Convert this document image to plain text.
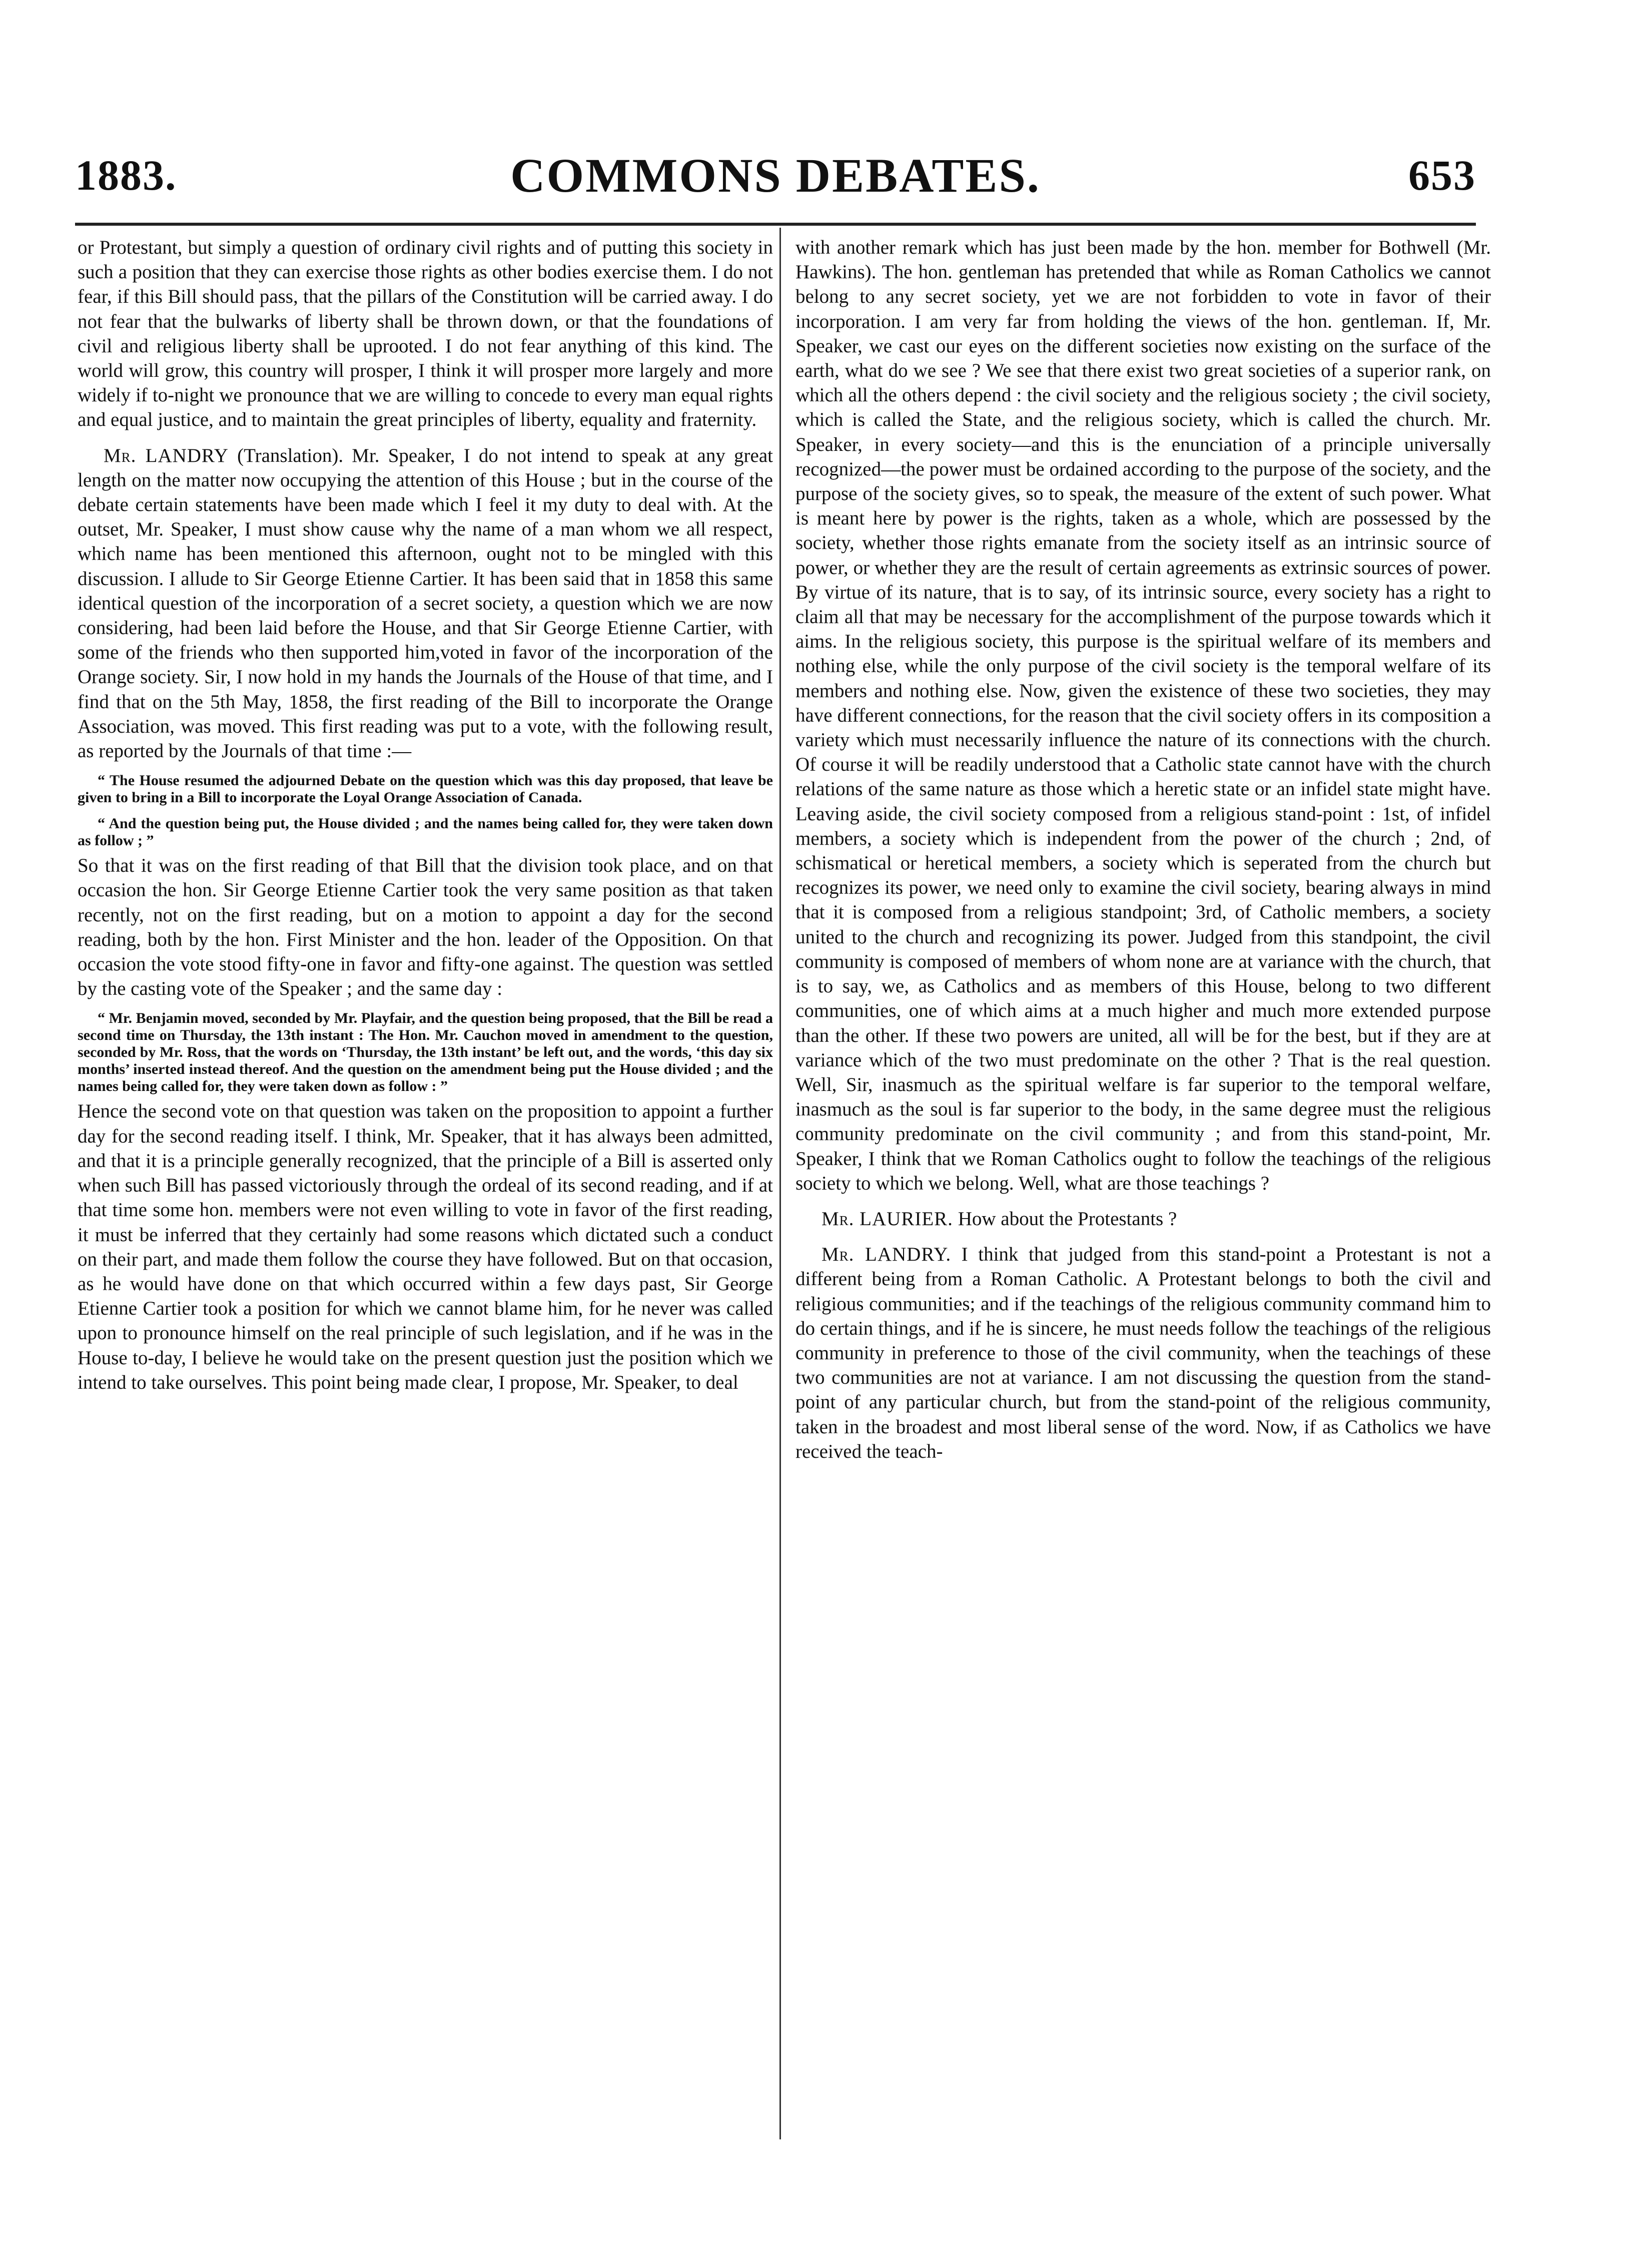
1883.	COMMONS DEBATES.	653

or Protestant, but simply a question of ordinary civil rights and of putting this society in such a position that they can exercise those rights as other bodies exercise them. I do not fear, if this Bill should pass, that the pillars of the Constitution will be carried away. I do not fear that the bulwarks of liberty shall be thrown down, or that the foundations of civil and religious liberty shall be uprooted. I do not fear anything of this kind. The world will grow, this country will prosper, I think it will prosper more largely and more widely if to-night we pronounce that we are willing to concede to every man equal rights and equal justice, and to maintain the great principles of liberty, equality and fraternity.

Mr. LANDRY (Translation). Mr. Speaker, I do not intend to speak at any great length on the matter now occupying the attention of this House ; but in the course of the debate certain statements have been made which I feel it my duty to deal with. At the outset, Mr. Speaker, I must show cause why the name of a man whom we all respect, which name has been mentioned this afternoon, ought not to be mingled with this discussion. I allude to Sir George Etienne Cartier. It has been said that in 1858 this same identical question of the incorporation of a secret society, a question which we are now considering, had been laid before the House, and that Sir George Etienne Cartier, with some of the friends who then supported him,voted in favor of the incorporation of the Orange society. Sir, I now hold in my hands the Journals of the House of that time, and I find that on the 5th May, 1858, the first reading of the Bill to incorporate the Orange Association, was moved. This first reading was put to a vote, with the following result, as reported by the Journals of that time :—

“ The House resumed the adjourned Debate on the question which was this day proposed, that leave be given to bring in a Bill to incorporate the Loyal Orange Association of Canada.

“ And the question being put, the House divided ; and the names being called for, they were taken down as follow ; ”

So that it was on the first reading of that Bill that the division took place, and on that occasion the hon. Sir George Etienne Cartier took the very same position as that taken recently, not on the first reading, but on a motion to appoint a day for the second reading, both by the hon. First Minister and the hon. leader of the Opposition. On that occasion the vote stood fifty-one in favor and fifty-one against. The question was settled by the casting vote of the Speaker ; and the same day :

“ Mr. Benjamin moved, seconded by Mr. Playfair, and the question being proposed, that the Bill be read a second time on Thursday, the 13th instant : The Hon. Mr. Cauchon moved in amendment to the question, seconded by Mr. Ross, that the words on ‘Thursday, the 13th instant’ be left out, and the words, ‘this day six months’ inserted instead thereof. And the question on the amendment being put the House divided ; and the names being called for, they were taken down as follow : ”

Hence the second vote on that question was taken on the proposition to appoint a further day for the second reading itself. I think, Mr. Speaker, that it has always been admitted, and that it is a principle generally recognized, that the principle of a Bill is asserted only when such Bill has passed victoriously through the ordeal of its second reading, and if at that time some hon. members were not even willing to vote in favor of the first reading, it must be inferred that they certainly had some reasons which dictated such a conduct on their part, and made them follow the course they have followed. But on that occasion, as he would have done on that which occurred within a few days past, Sir George Etienne Cartier took a position for which we cannot blame him, for he never was called upon to pronounce himself on the real principle of such legislation, and if he was in the House to-day, I believe he would take on the present question just the position which we intend to take ourselves. This point being made clear, I propose, Mr. Speaker, to deal

with another remark which has just been made by the hon. member for Bothwell (Mr. Hawkins). The hon. gentleman has pretended that while as Roman Catholics we cannot belong to any secret society, yet we are not forbidden to vote in favor of their incorporation. I am very far from holding the views of the hon. gentleman. If, Mr. Speaker, we cast our eyes on the different societies now existing on the surface of the earth, what do we see ? We see that there exist two great societies of a superior rank, on which all the others depend : the civil society and the religious society ; the civil society, which is called the State, and the religious society, which is called the church. Mr. Speaker, in every society—and this is the enunciation of a principle universally recognized—the power must be ordained according to the purpose of the society, and the purpose of the society gives, so to speak, the measure of the extent of such power. What is meant here by power is the rights, taken as a whole, which are possessed by the society, whether those rights emanate from the society itself as an intrinsic source of power, or whether they are the result of certain agreements as extrinsic sources of power. By virtue of its nature, that is to say, of its intrinsic source, every society has a right to claim all that may be necessary for the accomplishment of the purpose towards which it aims. In the religious society, this purpose is the spiritual welfare of its members and nothing else, while the only purpose of the civil society is the temporal welfare of its members and nothing else. Now, given the existence of these two societies, they may have different connections, for the reason that the civil society offers in its composition a variety which must necessarily influence the nature of its connections with the church. Of course it will be readily understood that a Catholic state cannot have with the church relations of the same nature as those which a heretic state or an infidel state might have. Leaving aside, the civil society composed from a religious stand-point : 1st, of infidel members, a society which is independent from the power of the church ; 2nd, of schismatical or heretical members, a society which is seperated from the church but recognizes its power, we need only to examine the civil society, bearing always in mind that it is composed from a religious standpoint; 3rd, of Catholic members, a society united to the church and recognizing its power. Judged from this standpoint, the civil community is composed of members of whom none are at variance with the church, that is to say, we, as Catholics and as members of this House, belong to two different communities, one of which aims at a much higher and much more extended purpose than the other. If these two powers are united, all will be for the best, but if they are at variance which of the two must predominate on the other ? That is the real question. Well, Sir, inasmuch as the spiritual welfare is far superior to the temporal welfare, inasmuch as the soul is far superior to the body, in the same degree must the religious community predominate on the civil community ; and from this stand-point, Mr. Speaker, I think that we Roman Catholics ought to follow the teachings of the religious society to which we belong. Well, what are those teachings ?

Mr. LAURIER. How about the Protestants ?

Mr. LANDRY. I think that judged from this stand-point a Protestant is not a different being from a Roman Catholic. A Protestant belongs to both the civil and religious communities; and if the teachings of the religious community command him to do certain things, and if he is sincere, he must needs follow the teachings of the religious community in preference to those of the civil community, when the teachings of these two communities are not at variance. I am not discussing the question from the stand-point of any particular church, but from the stand-point of the religious community, taken in the broadest and most liberal sense of the word. Now, if as Catholics we have received the teach-
